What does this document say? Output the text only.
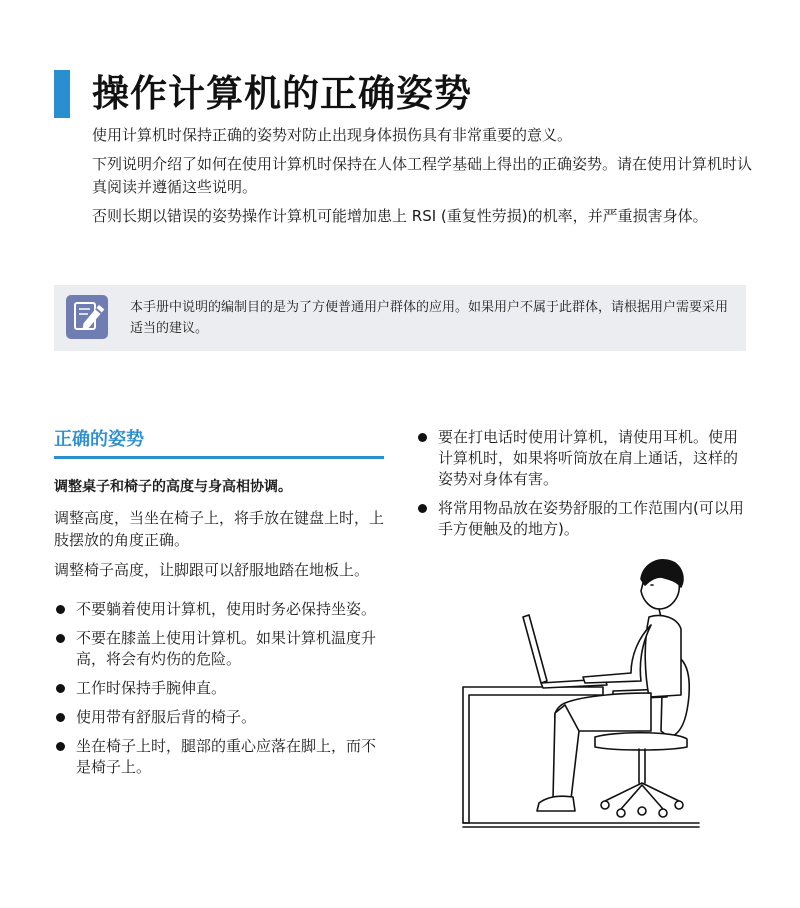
操作计算机的正确姿势

使用计算机时保持正确的姿势对防止出现身体损伤具有非常重要的意义。

下列说明介绍了如何在使用计算机时保持在人体工程学基础上得出的正确姿势。请在使用计算机时认真阅读并遵循这些说明。

否则长期以错误的姿势操作计算机可能增加患上 RSI (重复性劳损)的机率，并严重损害身体。

本手册中说明的编制目的是为了方便普通用户群体的应用。如果用户不属于此群体，请根据用户需要采用适当的建议。

正确的姿势
调整桌子和椅子的高度与身高相协调。

调整高度，当坐在椅子上，将手放在键盘上时，上肢摆放的角度正确。

调整椅子高度，让脚跟可以舒服地踏在地板上。

不要躺着使用计算机，使用时务必保持坐姿。
不要在膝盖上使用计算机。如果计算机温度升高，将会有灼伤的危险。
工作时保持手腕伸直。
使用带有舒服后背的椅子。
坐在椅子上时，腿部的重心应落在脚上，而不是椅子上。
要在打电话时使用计算机，请使用耳机。使用计算机时，如果将听筒放在肩上通话，这样的姿势对身体有害。
将常用物品放在姿势舒服的工作范围内(可以用手方便触及的地方)。
